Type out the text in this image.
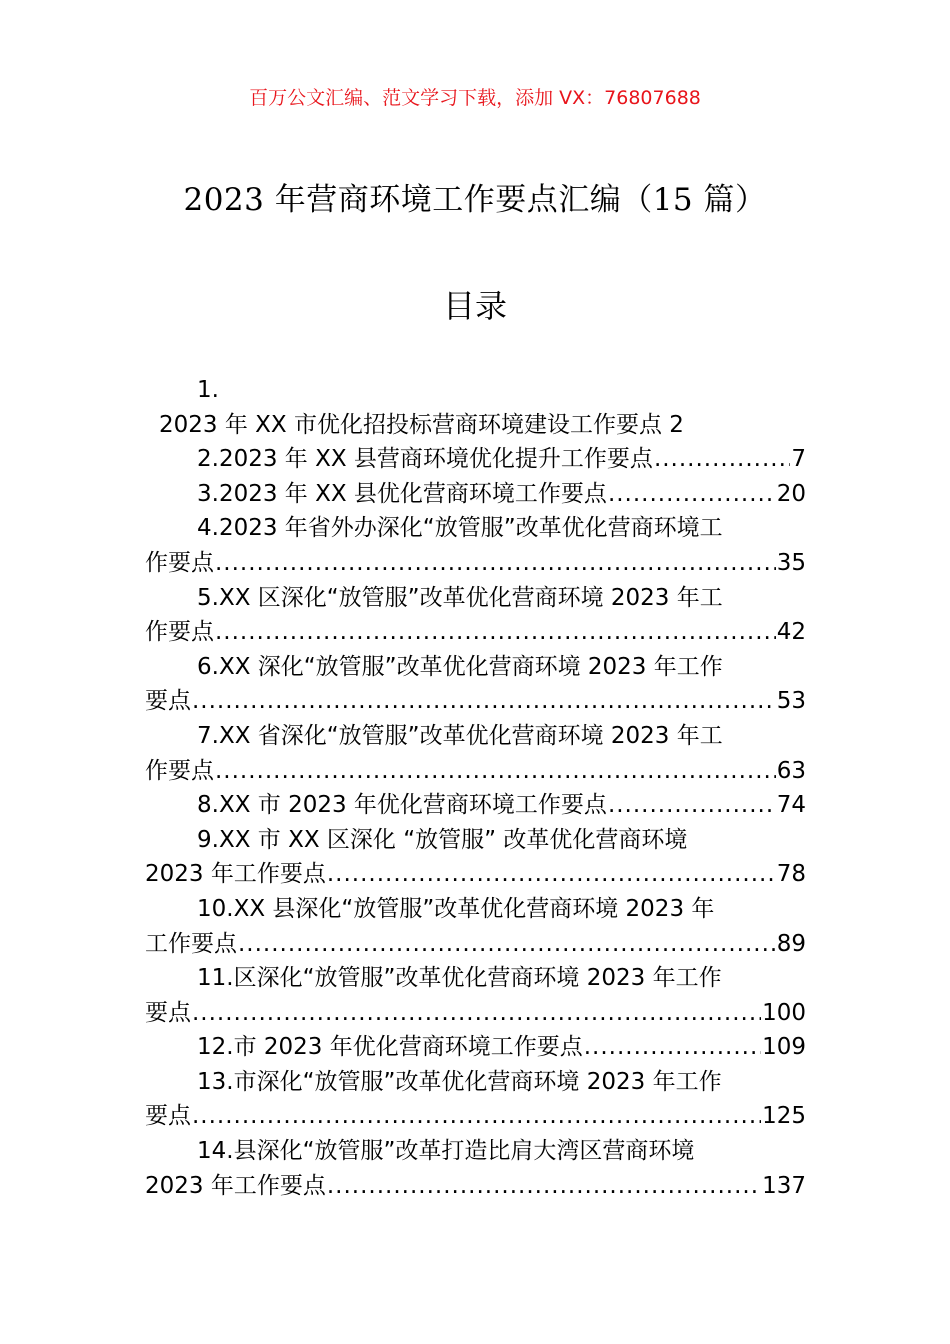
百万公文汇编、范文学习下载，添加 VX：76807688
2023 年营商环境工作要点汇编（15 篇）
目录
1.
2023 年 XX 市优化招投标营商环境建设工作要点 2
2.2023 年 XX 县营商环境优化提升工作要点 .....	7
3.2023 年 XX 县优化营商环境工作要点 .....	20
4.2023 年省外办深化“放管服”改革优化营商环境工
作要点 .....	35
5.XX 区深化“放管服”改革优化营商环境 2023 年工
作要点 .....	42
6.XX 深化“放管服”改革优化营商环境 2023 年工作
要点 .....	53
7.XX 省深化“放管服”改革优化营商环境 2023 年工
作要点 .....	63
8.XX 市 2023 年优化营商环境工作要点 .....	74
9.XX 市 XX 区深化 “放管服” 改革优化营商环境
2023 年工作要点 .....	78
10.XX 县深化“放管服”改革优化营商环境 2023 年
工作要点 .....	89
11.区深化“放管服”改革优化营商环境 2023 年工作
要点 .....	100
12.市 2023 年优化营商环境工作要点 .....	109
13.市深化“放管服”改革优化营商环境 2023 年工作
要点 .....	125
14.县深化“放管服”改革打造比肩大湾区营商环境
2023 年工作要点 .....	137
